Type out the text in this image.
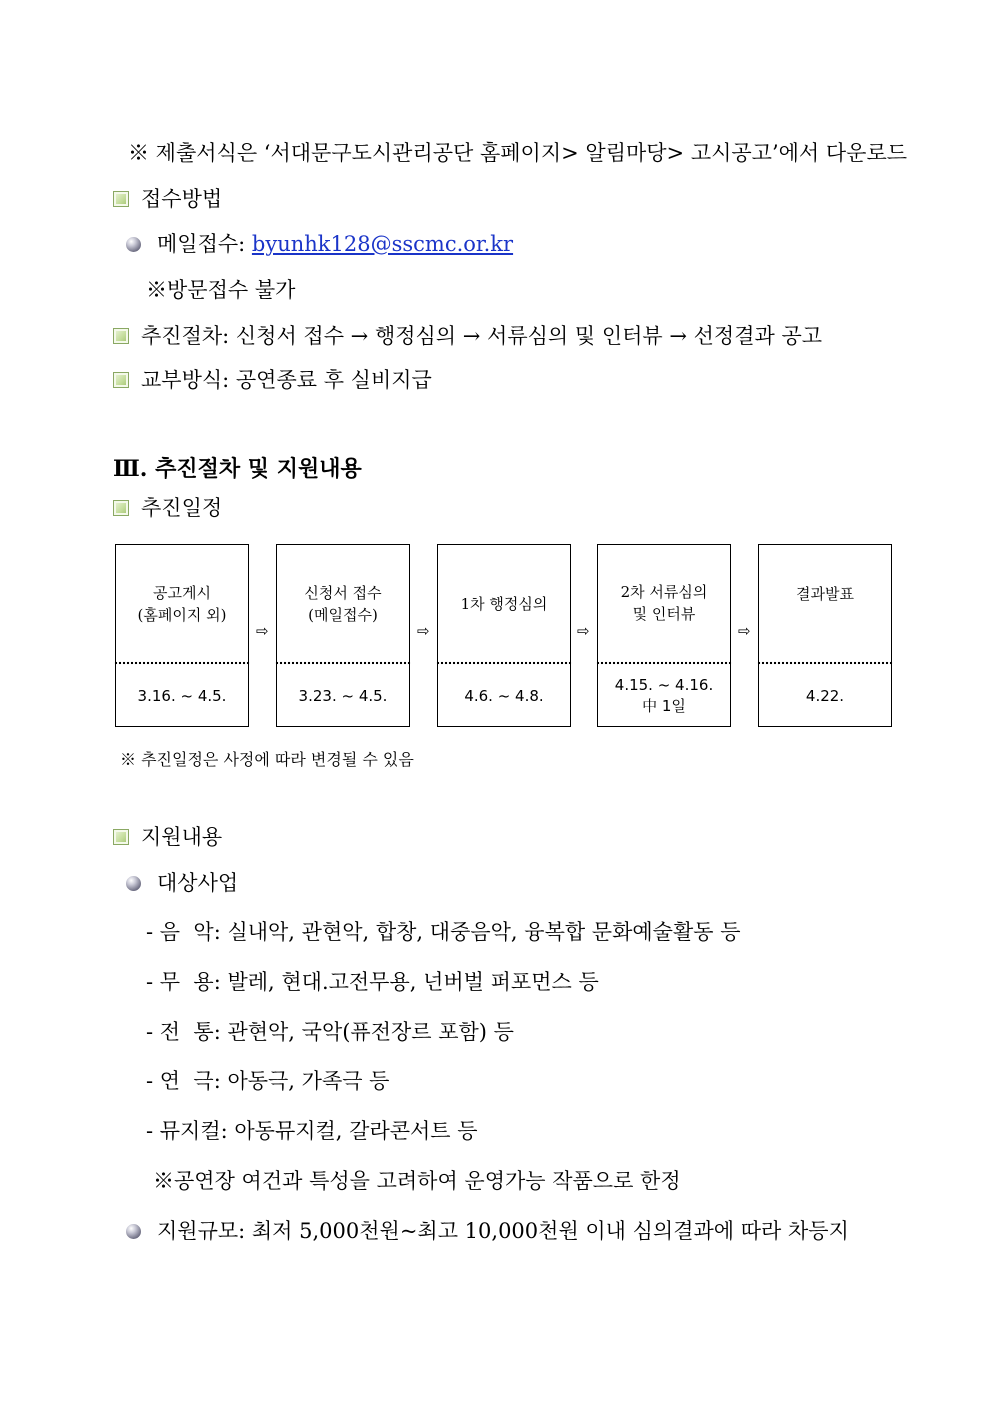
※ 제출서식은 ‘서대문구도시관리공단 홈페이지> 알림마당> 고시공고’에서 다운로드
접수방법
메일접수: byunhk128@sscmc.or.kr
※방문접수 불가
추진절차: 신청서 접수 → 행정심의 → 서류심의 및 인터뷰 → 선정결과 공고
교부방식: 공연종료 후 실비지급
Ⅲ. 추진절차 및 지원내용
추진일정
공고게시
(홈페이지 외)
3.16. ~ 4.5.
⇨
신청서 접수
(메일접수)
3.23. ~ 4.5.
⇨
1차 행정심의
4.6. ~ 4.8.
⇨
2차 서류심의
및 인터뷰
4.15. ~ 4.16.
中 1일
⇨
결과발표
4.22.
※ 추진일정은 사정에 따라 변경될 수 있음
지원내용
대상사업
- 음  악: 실내악, 관현악, 합창, 대중음악, 융복합 문화예술활동 등
- 무  용: 발레, 현대.고전무용, 넌버벌 퍼포먼스 등
- 전  통: 관현악, 국악(퓨전장르 포함) 등
- 연  극: 아동극, 가족극 등
- 뮤지컬: 아동뮤지컬, 갈라콘서트 등
※공연장 여건과 특성을 고려하여 운영가능 작품으로 한정
지원규모: 최저 5,000천원~최고 10,000천원 이내 심의결과에 따라 차등지
